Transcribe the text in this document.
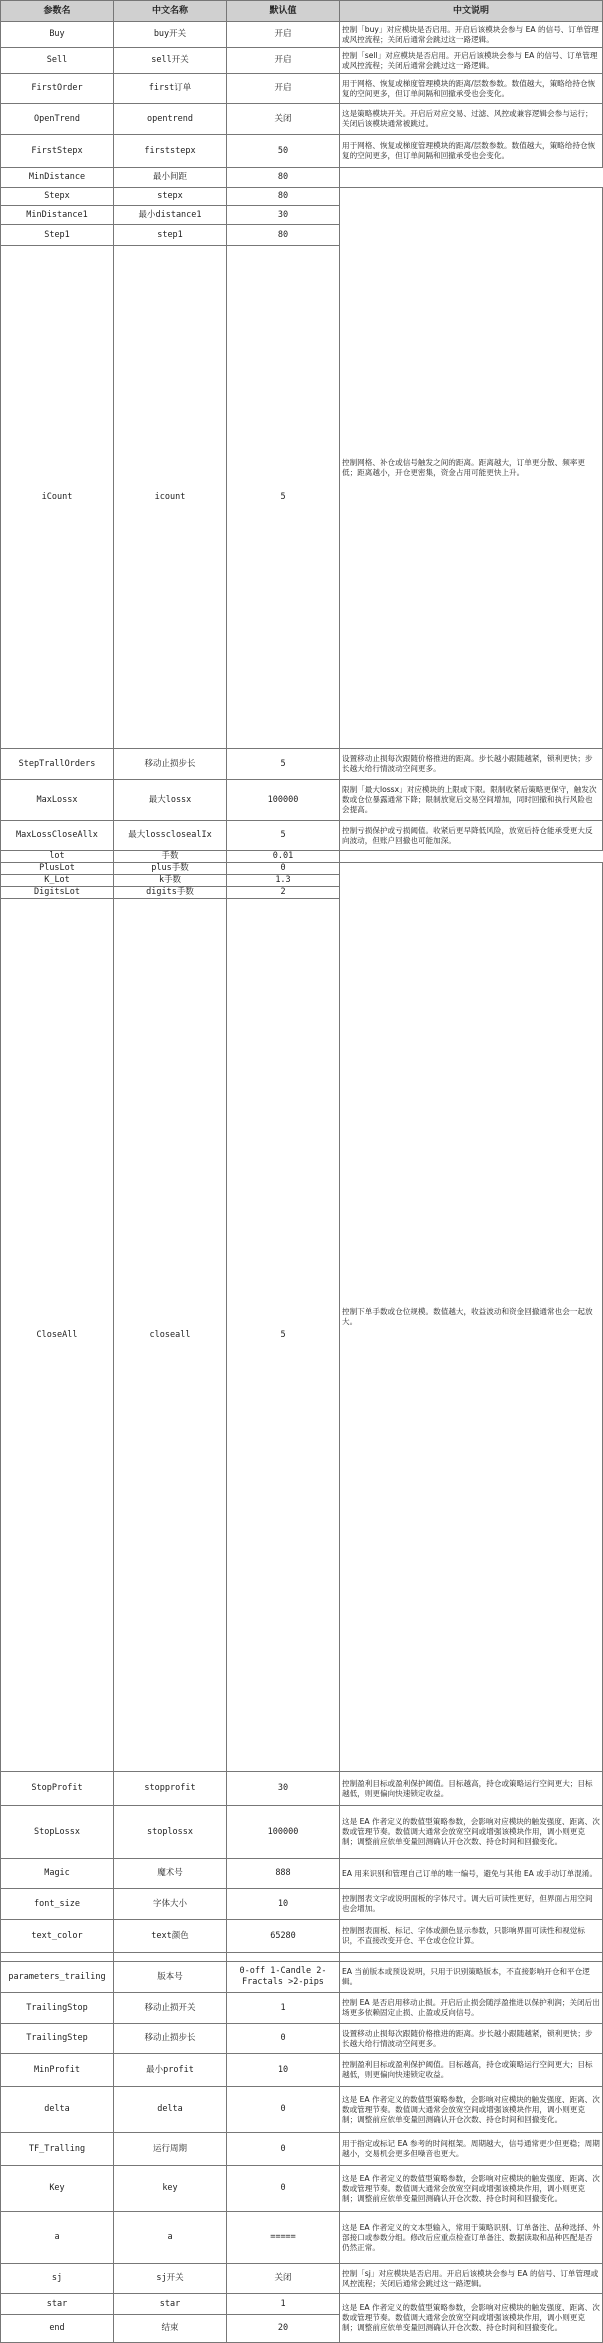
参数名	中文名称	默认值	中文说明	
Buy	buy开关	开启	控制「buy」对应模块是否启用。开启后该模块会参与 EA 的信号、订单管理或风控流程；关闭后通常会跳过这一路逻辑。	
Sell	sell开关	开启	控制「sell」对应模块是否启用。开启后该模块会参与 EA 的信号、订单管理或风控流程；关闭后通常会跳过这一路逻辑。	
FirstOrder	first订单	开启	用于网格、恢复或梯度管理模块的距离/层数参数。数值越大，策略给持仓恢复的空间更多，但订单间隔和回撤承受也会变化。	
OpenTrend	opentrend	关闭	这是策略模块开关。开启后对应交易、过滤、风控或兼容逻辑会参与运行；关闭后该模块通常被跳过。	
FirstStepx	firststepx	50	用于网格、恢复或梯度管理模块的距离/层数参数。数值越大，策略给持仓恢复的空间更多，但订单间隔和回撤承受也会变化。	
MinDistance	最小间距	80		
Stepx	stepx	80	控制网格、补仓或信号触发之间的距离。距离越大，订单更分散、频率更低；距离越小，开仓更密集，资金占用可能更快上升。	
MinDistance1	最小distance1	30		
Step1	step1	80		
iCount	icount	5	
StepTrallOrders	移动止损步长	5	设置移动止损每次跟随价格推进的距离。步长越小跟随越紧，锁利更快；步长越大给行情波动空间更多。	
MaxLossx	最大lossx	100000	限制「最大lossx」对应模块的上限或下限。限制收紧后策略更保守，触发次数或仓位暴露通常下降；限制放宽后交易空间增加，同时回撤和执行风险也会提高。	
MaxLossCloseAllx	最大lossclosealIx	5	控制亏损保护或亏损阈值。收紧后更早降低风险，放宽后持仓能承受更大反向波动，但账户回撤也可能加深。	
lot	手数	0.01		
PlusLot	plus手数	0	控制下单手数或仓位规模。数值越大，收益波动和资金回撤通常也会一起放大。	
K_Lot	k手数	1.3		
DigitsLot	digits手数	2		
CloseAll	closeall	5	
StopProfit	stopprofit	30	控制盈利目标或盈利保护阈值。目标越高，持仓或策略运行空间更大；目标越低，则更偏向快速锁定收益。	
StopLossx	stoplossx	100000	这是 EA 作者定义的数值型策略参数，会影响对应模块的触发强度、距离、次数或管理节奏。数值调大通常会放宽空间或增强该模块作用，调小则更克制；调整前应依单变量回测确认开仓次数、持仓时间和回撤变化。	
Magic	魔术号	888	EA 用来识别和管理自己订单的唯一编号，避免与其他 EA 或手动订单混淆。	
font_size	字体大小	10	控制图表文字或说明面板的字体尺寸。调大后可读性更好，但界面占用空间也会增加。	
text_color	text颜色	65280	控制图表面板、标记、字体或颜色显示参数，只影响界面可读性和视觉标识，不直接改变开仓、平仓或仓位计算。	

parameters_trailing	版本号	0-off 1-Candle 2-Fractals >2-pips	EA 当前版本或预设说明，只用于识别策略版本，不直接影响开仓和平仓逻辑。	
TrailingStop	移动止损开关	1	控制 EA 是否启用移动止损。开启后止损会随浮盈推进以保护利润；关闭后出场更多依赖固定止损、止盈或反向信号。	
TrailingStep	移动止损步长	0	设置移动止损每次跟随价格推进的距离。步长越小跟随越紧，锁利更快；步长越大给行情波动空间更多。	
MinProfit	最小profit	10	控制盈利目标或盈利保护阈值。目标越高，持仓或策略运行空间更大；目标越低，则更偏向快速锁定收益。	
delta	delta	0	这是 EA 作者定义的数值型策略参数，会影响对应模块的触发强度、距离、次数或管理节奏。数值调大通常会放宽空间或增强该模块作用，调小则更克制；调整前应依单变量回测确认开仓次数、持仓时间和回撤变化。	
TF_Tralling	运行周期	0	用于指定或标记 EA 参考的时间框架。周期越大，信号通常更少但更稳；周期越小，交易机会更多但噪音也更大。	
Key	key	0	这是 EA 作者定义的数值型策略参数，会影响对应模块的触发强度、距离、次数或管理节奏。数值调大通常会放宽空间或增强该模块作用，调小则更克制；调整前应依单变量回测确认开仓次数、持仓时间和回撤变化。	
a	a	=====	这是 EA 作者定义的文本型输入，常用于策略识别、订单备注、品种选择、外部接口或参数分组。修改后应重点检查订单备注、数据读取和品种匹配是否仍然正常。	
sj	sj开关	关闭	控制「sj」对应模块是否启用。开启后该模块会参与 EA 的信号、订单管理或风控流程；关闭后通常会跳过这一路逻辑。	
star	star	1	这是 EA 作者定义的数值型策略参数，会影响对应模块的触发强度、距离、次数或管理节奏。数值调大通常会放宽空间或增强该模块作用，调小则更克制；调整前应依单变量回测确认开仓次数、持仓时间和回撤变化。	
end	结束	20		
